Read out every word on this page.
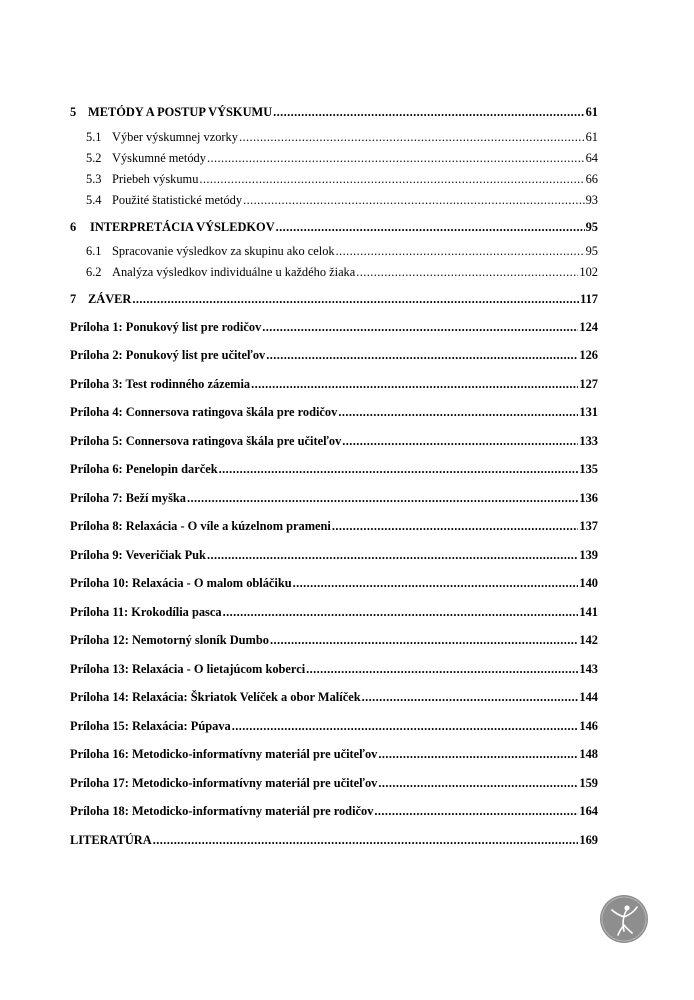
5 METÓDY A POSTUP VÝSKUMU .....	61
5.1 Výber výskumnej vzorky .....	61
5.2 Výskumné metódy .....	64
5.3 Priebeh výskumu .....	66
5.4 Použité štatistické metódy .....	93
6 INTERPRETÁCIA VÝSLEDKOV .....	95
6.1 Spracovanie výsledkov za skupinu ako celok .....	95
6.2 Analýza výsledkov individuálne u každého žiaka .....	102
7 ZÁVER .....	117
Príloha 1: Ponukový list pre rodičov .....	124
Príloha 2: Ponukový list pre učiteľov .....	126
Príloha 3: Test rodinného zázemia .....	127
Príloha 4: Connersova ratingova škála pre rodičov .....	131
Príloha 5: Connersova ratingova škála pre učiteľov .....	133
Príloha 6: Penelopin darček .....	135
Príloha 7: Beží myška .....	136
Príloha 8: Relaxácia - O víle a kúzelnom prameni .....	137
Príloha 9: Veveričiak Puk .....	139
Príloha 10: Relaxácia - O malom obláčiku .....	140
Príloha 11: Krokodília pasca .....	141
Príloha 12: Nemotorný sloník Dumbo .....	142
Príloha 13: Relaxácia - O lietajúcom koberci .....	143
Príloha 14: Relaxácia: Škriatok Velíček a obor Malíček .....	144
Príloha 15: Relaxácia: Púpava .....	146
Príloha 16: Metodicko-informatívny materiál pre učiteľov .....	148
Príloha 17: Metodicko-informatívny materiál pre učiteľov .....	159
Príloha 18: Metodicko-informatívny materiál pre rodičov .....	164
LITERATÚRA .....	169
